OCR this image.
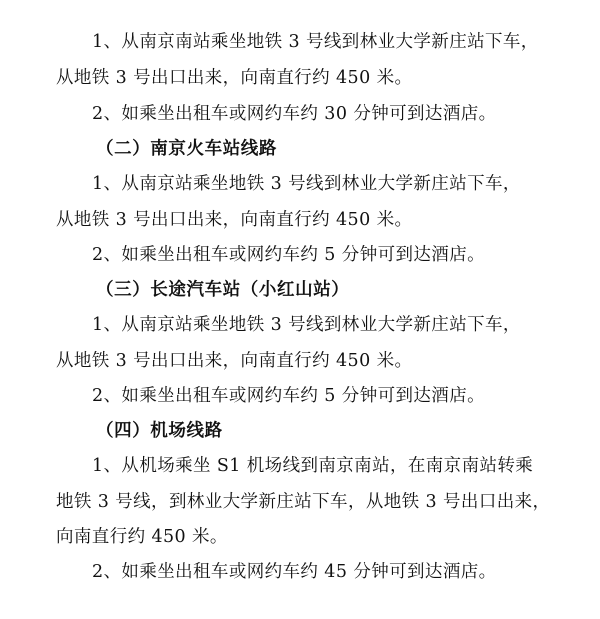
1、从南京南站乘坐地铁 3 号线到林业大学新庄站下车，
从地铁 3 号出口出来，向南直行约 450 米。
2、如乘坐出租车或网约车约 30 分钟可到达酒店。
（二）南京火车站线路
1、从南京站乘坐地铁 3 号线到林业大学新庄站下车，
从地铁 3 号出口出来，向南直行约 450 米。
2、如乘坐出租车或网约车约 5 分钟可到达酒店。
（三）长途汽车站（小红山站）
1、从南京站乘坐地铁 3 号线到林业大学新庄站下车，
从地铁 3 号出口出来，向南直行约 450 米。
2、如乘坐出租车或网约车约 5 分钟可到达酒店。
（四）机场线路
1、从机场乘坐 S1 机场线到南京南站，在南京南站转乘
地铁 3 号线，到林业大学新庄站下车，从地铁 3 号出口出来，
向南直行约 450 米。
2、如乘坐出租车或网约车约 45 分钟可到达酒店。
